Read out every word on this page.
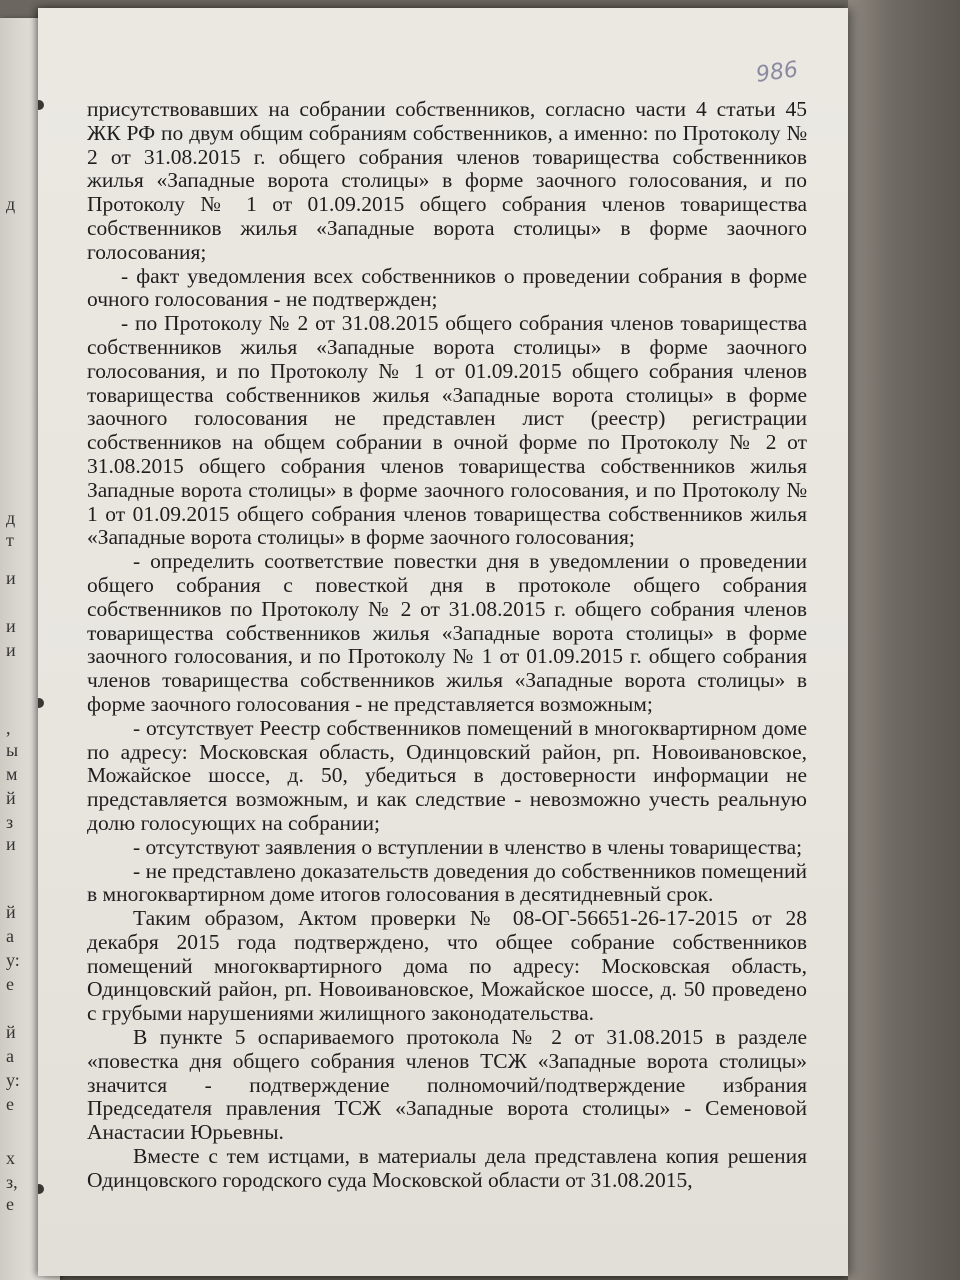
д
д
т
и
и
и
,
ы
м
й
з
и
й
а
у:
е
й
а
у:
е
х
з,
е
986

присутствовавших на собрании собственников, согласно части 4 статьи 45 ЖК РФ по двум общим собраниям собственников, а именно: по Протоколу № 2 от 31.08.2015 г. общего собрания членов товарищества собственников жилья «Западные ворота столицы» в форме заочного голосования, и по Протоколу № 1 от 01.09.2015 общего собрания членов товарищества собственников жилья «Западные ворота столицы» в форме заочного голосования;

- факт уведомления всех собственников о проведении собрания в форме очного голосования - не подтвержден;

- по Протоколу № 2 от 31.08.2015 общего собрания членов товарищества собственников жилья «Западные ворота столицы» в форме заочного голосования, и по Протоколу № 1 от 01.09.2015 общего собрания членов товарищества собственников жилья «Западные ворота столицы» в форме заочного голосования не представлен лист (реестр) регистрации собственников на общем собрании в очной форме по Протоколу № 2 от 31.08.2015 общего собрания членов товарищества собственников жилья Западные ворота столицы» в форме заочного голосования, и по Протоколу № 1 от 01.09.2015 общего собрания членов товарищества собственников жилья «Западные ворота столицы» в форме заочного голосования;

- определить соответствие повестки дня в уведомлении о проведении общего собрания с повесткой дня в протоколе общего собрания собственников по Протоколу № 2 от 31.08.2015 г. общего собрания членов товарищества собственников жилья «Западные ворота столицы» в форме заочного голосования, и по Протоколу № 1 от 01.09.2015 г. общего собрания членов товарищества собственников жилья «Западные ворота столицы» в форме заочного голосования - не представляется возможным;

- отсутствует Реестр собственников помещений в многоквартирном доме по адресу: Московская область, Одинцовский район, рп. Новоивановское, Можайское шоссе, д. 50, убедиться в достоверности информации не представляется возможным, и как следствие - невозможно учесть реальную долю голосующих на собрании;

- отсутствуют заявления о вступлении в членство в члены товарищества;

- не представлено доказательств доведения до собственников помещений в многоквартирном доме итогов голосования в десятидневный срок.

Таким образом, Актом проверки № 08-ОГ-56651-26-17-2015 от 28 декабря 2015 года подтверждено, что общее собрание собственников помещений многоквартирного дома по адресу: Московская область, Одинцовский район, рп. Новоивановское, Можайское шоссе, д. 50 проведено с грубыми нарушениями жилищного законодательства.

В пункте 5 оспариваемого протокола № 2 от 31.08.2015 в разделе «повестка дня общего собрания членов ТСЖ «Западные ворота столицы» значится - подтверждение полномочий/подтверждение избрания Председателя правления ТСЖ «Западные ворота столицы» - Семеновой Анастасии Юрьевны.

Вместе с тем истцами, в материалы дела представлена копия решения Одинцовского городского суда Московской области от 31.08.2015,
